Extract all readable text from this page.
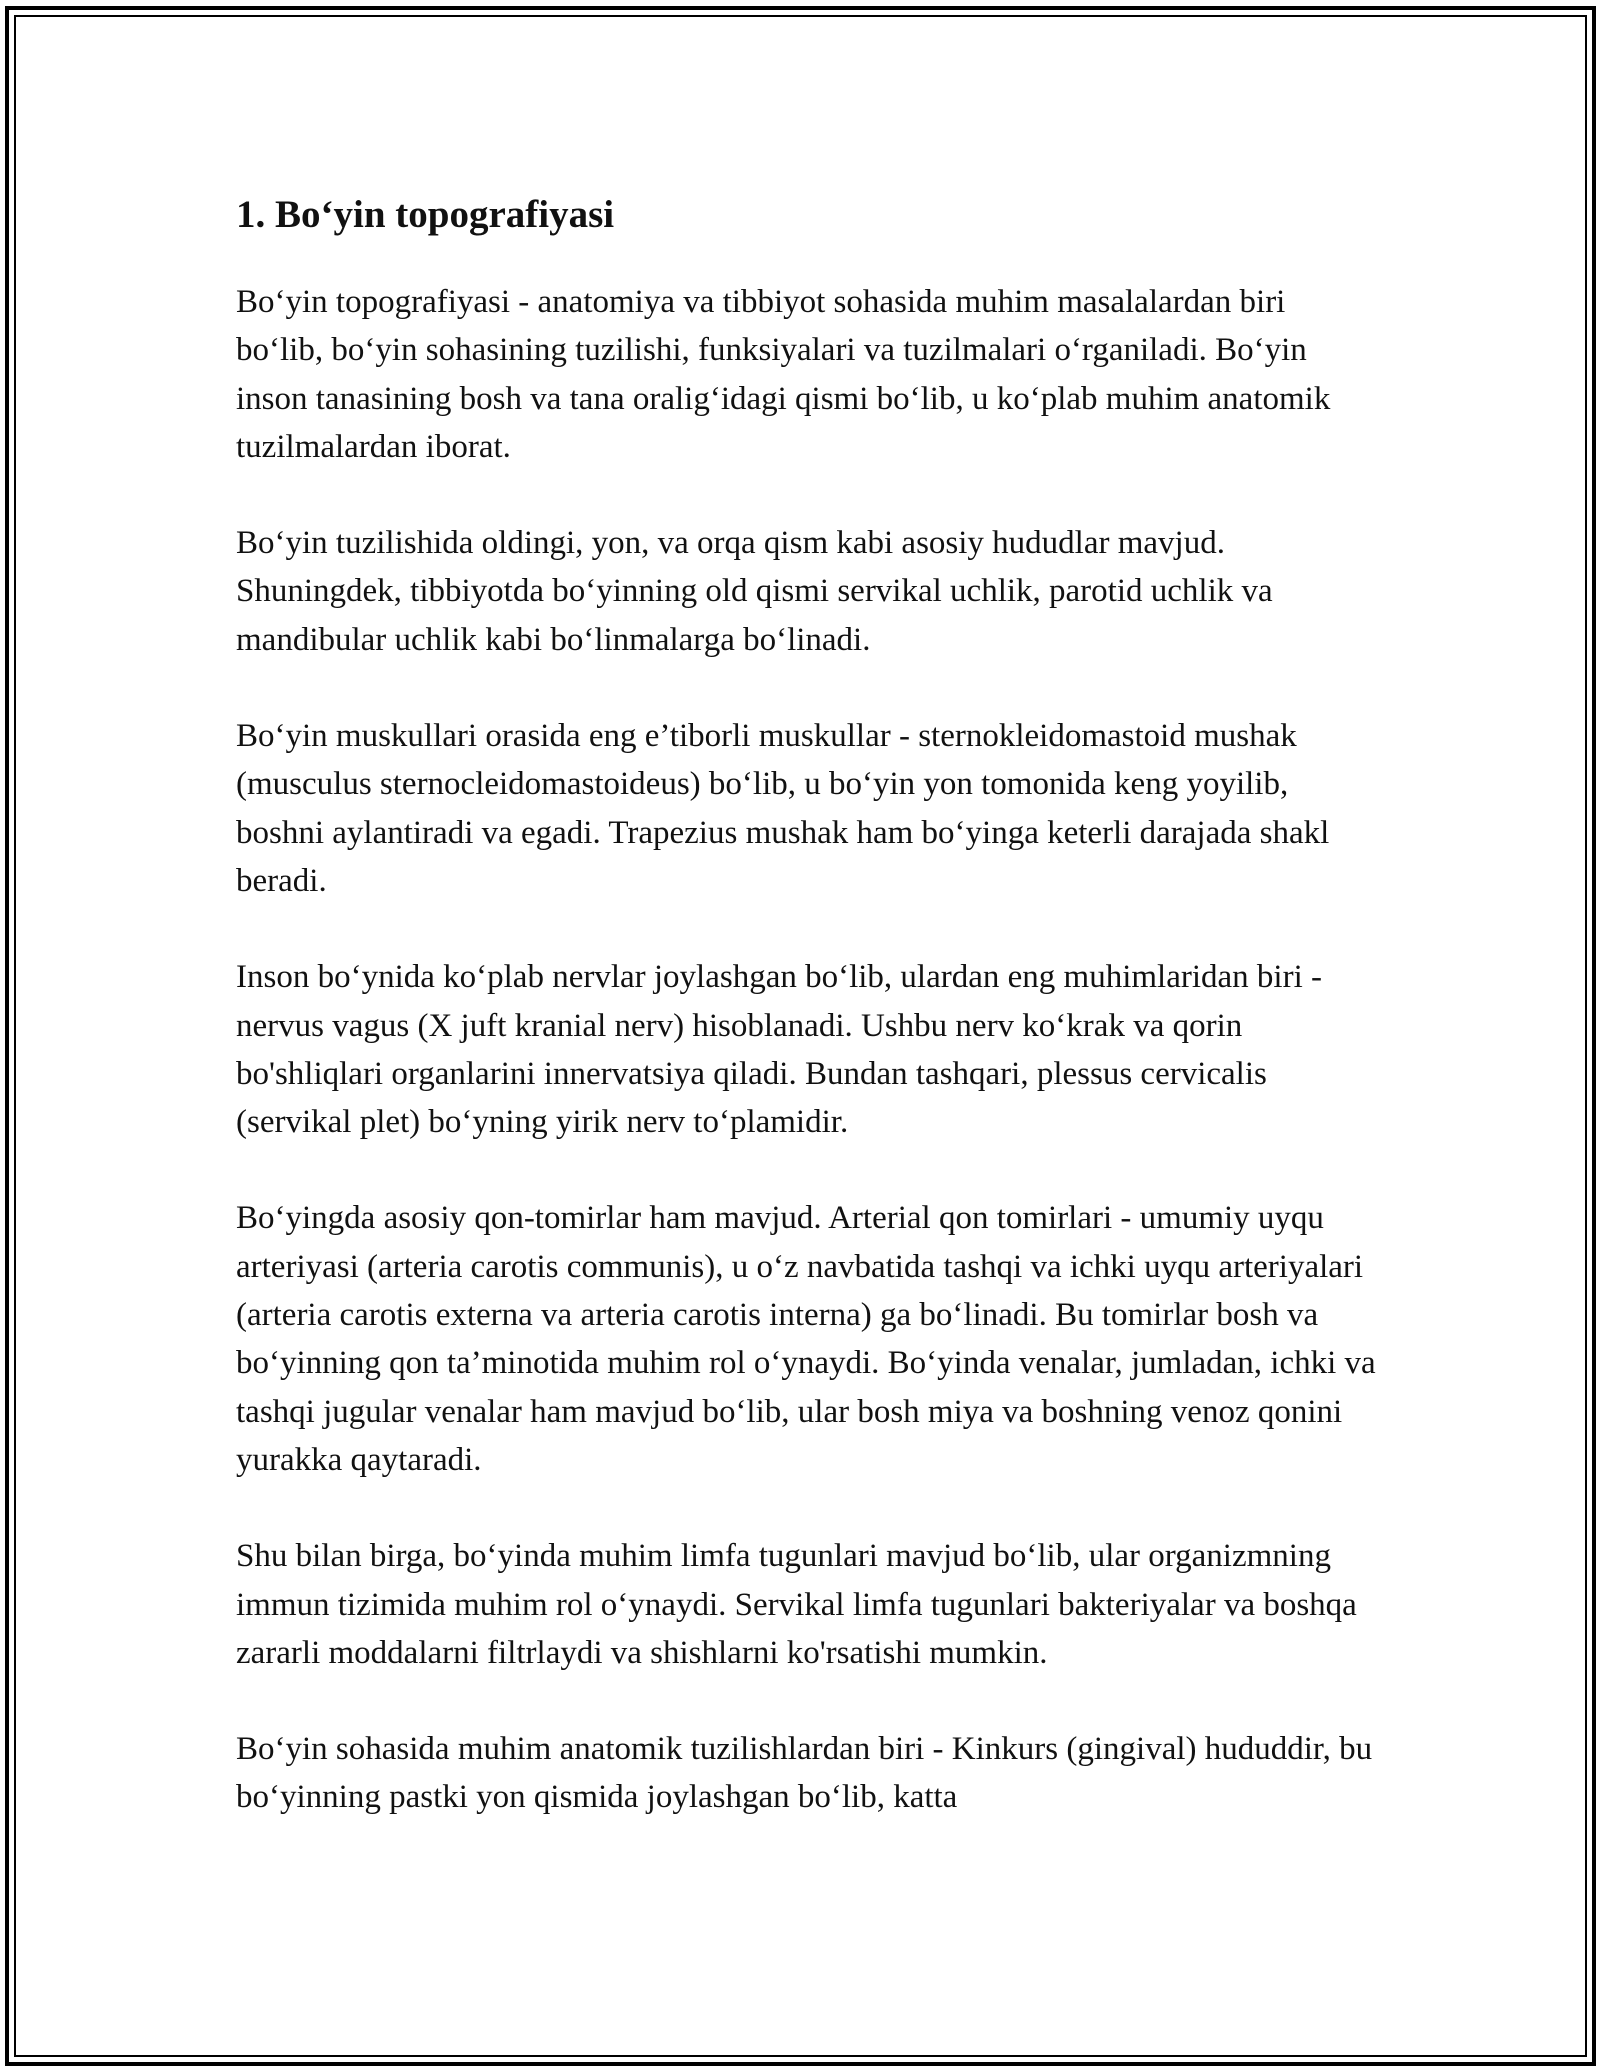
1. Bo‘yin topografiyasi

Bo‘yin topografiyasi - anatomiya va tibbiyot sohasida muhim masalalardan biri bo‘lib, bo‘yin sohasining tuzilishi, funksiyalari va tuzilmalari o‘rganiladi. Bo‘yin inson tanasining bosh va tana oralig‘idagi qismi bo‘lib, u ko‘plab muhim anatomik tuzilmalardan iborat.

Bo‘yin tuzilishida oldingi, yon, va orqa qism kabi asosiy hududlar mavjud. Shuningdek, tibbiyotda bo‘yinning old qismi servikal uchlik, parotid uchlik va mandibular uchlik kabi bo‘linmalarga bo‘linadi.

Bo‘yin muskullari orasida eng e’tiborli muskullar - sternokleidomastoid mushak (musculus sternocleidomastoideus) bo‘lib, u bo‘yin yon tomonida keng yoyilib, boshni aylantiradi va egadi. Trapezius mushak ham bo‘yinga keterli darajada shakl beradi.

Inson bo‘ynida ko‘plab nervlar joylashgan bo‘lib, ulardan eng muhimlaridan biri - nervus vagus (X juft kranial nerv) hisoblanadi. Ushbu nerv ko‘krak va qorin bo'shliqlari organlarini innervatsiya qiladi. Bundan tashqari, plessus cervicalis (servikal plet) bo‘yning yirik nerv to‘plamidir.

Bo‘yingda asosiy qon-tomirlar ham mavjud. Arterial qon tomirlari - umumiy uyqu arteriyasi (arteria carotis communis), u o‘z navbatida tashqi va ichki uyqu arteriyalari (arteria carotis externa va arteria carotis interna) ga bo‘linadi. Bu tomirlar bosh va bo‘yinning qon ta’minotida muhim rol o‘ynaydi. Bo‘yinda venalar, jumladan, ichki va tashqi jugular venalar ham mavjud bo‘lib, ular bosh miya va boshning venoz qonini yurakka qaytaradi.

Shu bilan birga, bo‘yinda muhim limfa tugunlari mavjud bo‘lib, ular organizmning immun tizimida muhim rol o‘ynaydi. Servikal limfa tugunlari bakteriyalar va boshqa zararli moddalarni filtrlaydi va shishlarni ko'rsatishi mumkin.

Bo‘yin sohasida muhim anatomik tuzilishlardan biri - Kinkurs (gingival) hududdir, bu bo‘yinning pastki yon qismida joylashgan bo‘lib, katta
